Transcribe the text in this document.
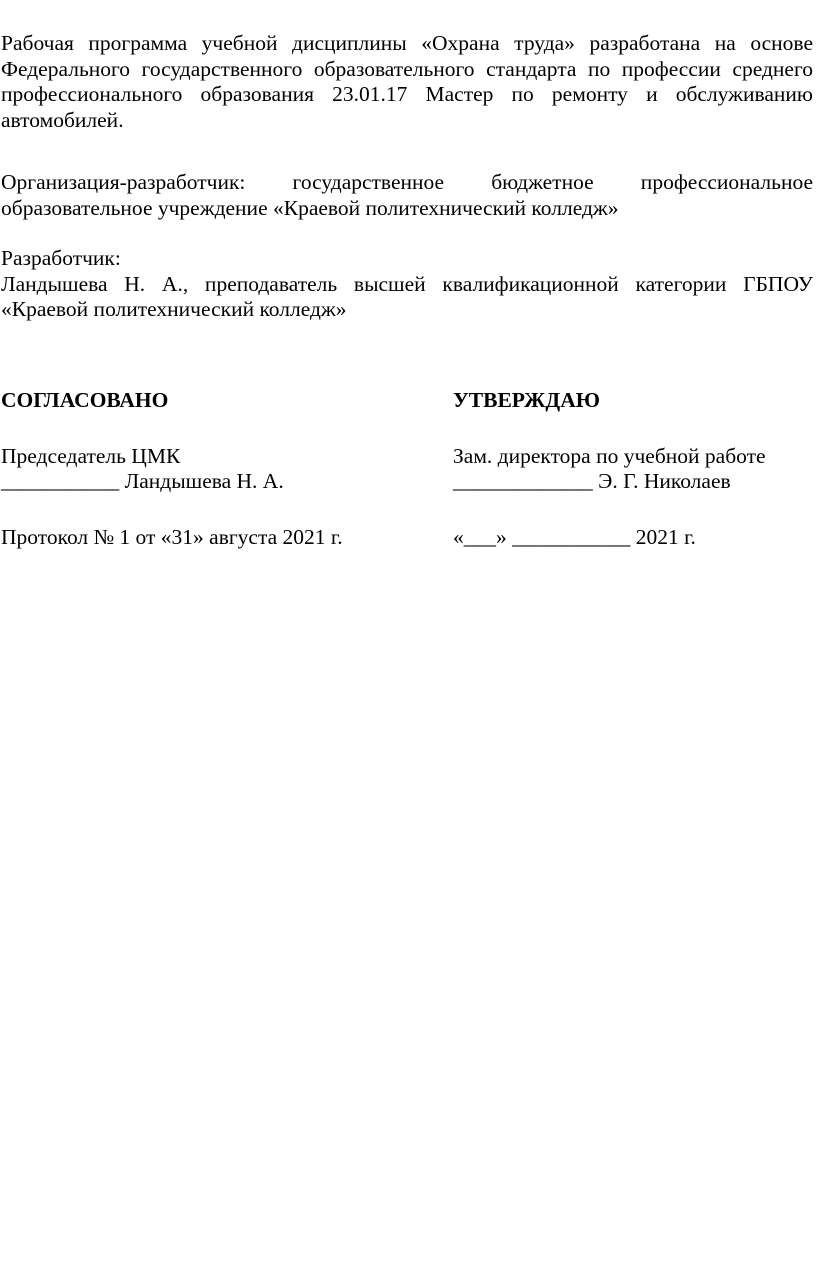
Рабочая программа учебной дисциплины «Охрана труда» разработана на основе Федерального государственного образовательного стандарта по профессии среднего профессионального образования 23.01.17 Мастер по ремонту и обслуживанию автомобилей.

Организация-разработчик: государственное бюджетное профессиональное образовательное учреждение «Краевой политехнический колледж»

Разработчик:
Ландышева Н. А., преподаватель высшей квалификационной категории ГБПОУ «Краевой политехнический колледж»
СОГЛАСОВАНО
Председатель ЦМК
___________ Ландышева Н. А.
Протокол № 1 от «31» августа 2021 г.
УТВЕРЖДАЮ
Зам. директора по учебной работе
_____________ Э. Г. Николаев
«___» ___________ 2021 г.
